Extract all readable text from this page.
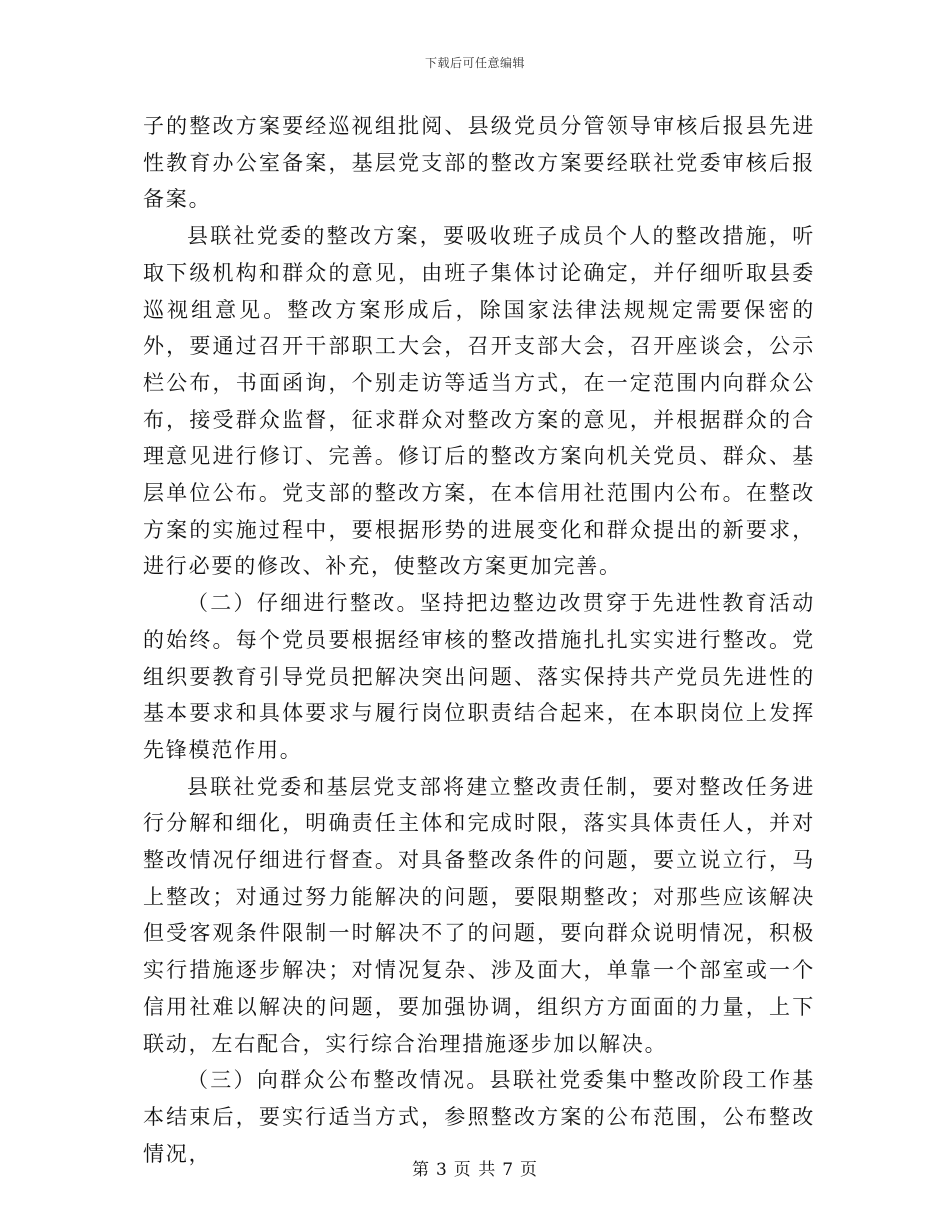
下载后可任意编辑

子的整改方案要经巡视组批阅、县级党员分管领导审核后报县先进性教育办公室备案，基层党支部的整改方案要经联社党委审核后报备案。

县联社党委的整改方案，要吸收班子成员个人的整改措施，听取下级机构和群众的意见，由班子集体讨论确定，并仔细听取县委巡视组意见。整改方案形成后，除国家法律法规规定需要保密的外，要通过召开干部职工大会，召开支部大会，召开座谈会，公示栏公布，书面函询，个别走访等适当方式，在一定范围内向群众公布，接受群众监督，征求群众对整改方案的意见，并根据群众的合理意见进行修订、完善。修订后的整改方案向机关党员、群众、基层单位公布。党支部的整改方案，在本信用社范围内公布。在整改方案的实施过程中，要根据形势的进展变化和群众提出的新要求，进行必要的修改、补充，使整改方案更加完善。

（二）仔细进行整改。坚持把边整边改贯穿于先进性教育活动的始终。每个党员要根据经审核的整改措施扎扎实实进行整改。党组织要教育引导党员把解决突出问题、落实保持共产党员先进性的基本要求和具体要求与履行岗位职责结合起来，在本职岗位上发挥先锋模范作用。

县联社党委和基层党支部将建立整改责任制，要对整改任务进行分解和细化，明确责任主体和完成时限，落实具体责任人，并对整改情况仔细进行督查。对具备整改条件的问题，要立说立行，马上整改；对通过努力能解决的问题，要限期整改；对那些应该解决但受客观条件限制一时解决不了的问题，要向群众说明情况，积极实行措施逐步解决；对情况复杂、涉及面大，单靠一个部室或一个信用社难以解决的问题，要加强协调，组织方方面面的力量，上下联动，左右配合，实行综合治理措施逐步加以解决。

（三）向群众公布整改情况。县联社党委集中整改阶段工作基本结束后，要实行适当方式，参照整改方案的公布范围，公布整改情况，

第 3 页 共 7 页
